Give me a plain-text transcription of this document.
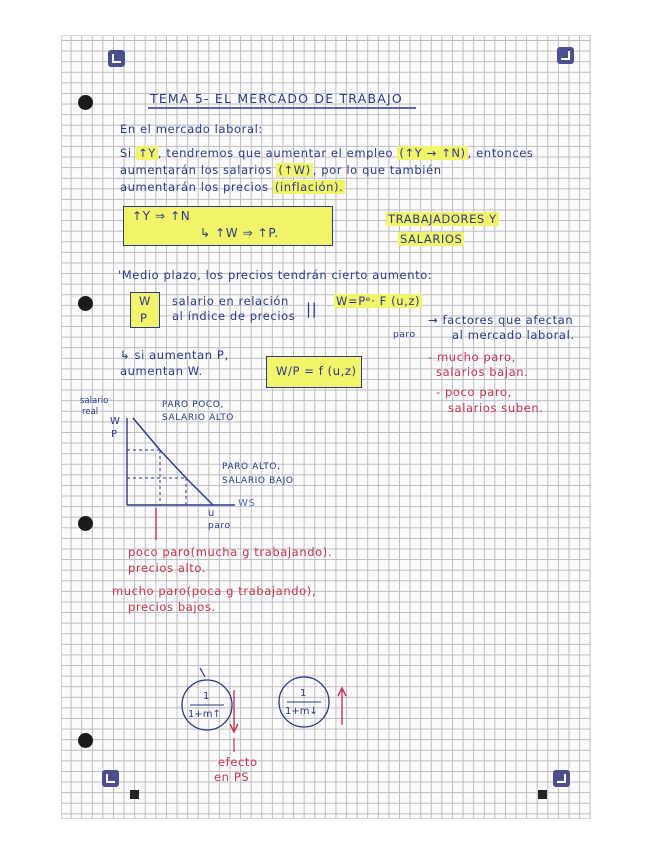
TEMA 5- EL MERCADO DE TRABAJO
En el mercado laboral:
Si ↑Y , tendremos que aumentar el empleo (↑Y → ↑N) , entonces
aumentarán los salarios (↑W) , por lo que también
aumentarán los precios (inflación).
↑Y ⇒ ↑N
↳ ↑W ⇒ ↑P.
TRABAJADORES Y
SALARIOS
'Medio plazo, los precios tendrán cierto aumento:
W
P
salario en relación
al índice de precios || W=Pᵉ· F (u,z)
paro
→ factores que afectan
al mercado laboral.
↳ si aumentan P,
aumentan W.	W/P = f (u,z)
- mucho paro,
salarios bajan.
- poco paro,
salarios suben.
salario
real
W
P
PARO POCO,
SALARIO ALTO
PARO ALTO,
SALARIO BAJO
WS
u
paro
poco paro(mucha g trabajando).
precios alto.
mucho paro(poca g trabajando),
precios bajos.
1
1+m↑
1
1+m↓
efecto
en PS
